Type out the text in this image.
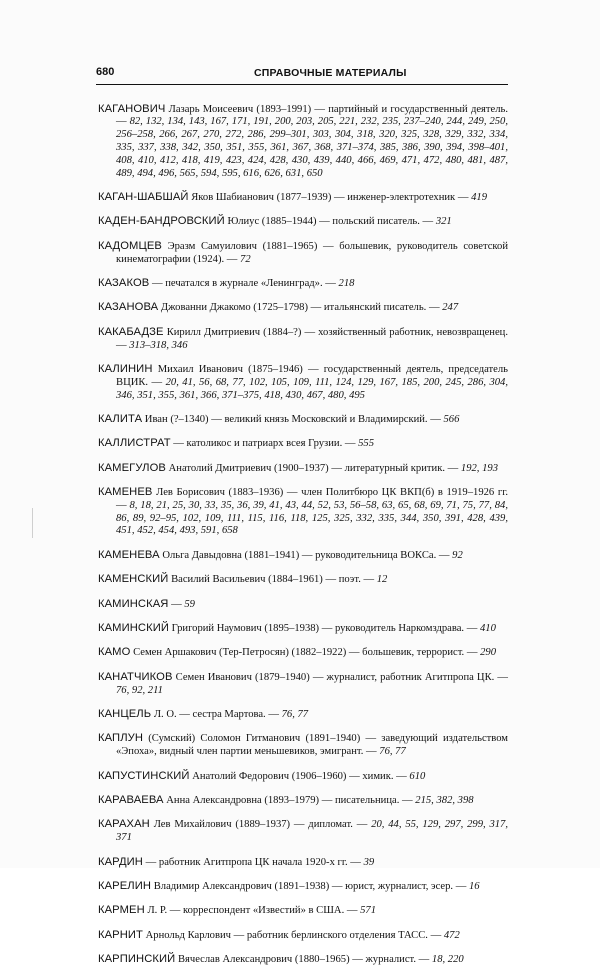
680	СПРАВОЧНЫЕ МАТЕРИАЛЫ

КАГАНОВИЧ Лазарь Моисеевич (1893–1991) — партийный и государственный деятель. — 82, 132, 134, 143, 167, 171, 191, 200, 203, 205, 221, 232, 235, 237–240, 244, 249, 250, 256–258, 266, 267, 270, 272, 286, 299–301, 303, 304, 318, 320, 325, 328, 329, 332, 334, 335, 337, 338, 342, 350, 351, 355, 361, 367, 368, 371–374, 385, 386, 390, 394, 398–401, 408, 410, 412, 418, 419, 423, 424, 428, 430, 439, 440, 466, 469, 471, 472, 480, 481, 487, 489, 494, 496, 565, 594, 595, 616, 626, 631, 650

КАГАН-ШАБШАЙ Яков Шабианович (1877–1939) — инженер-электротехник — 419

КАДЕН-БАНДРОВСКИЙ Юлиус (1885–1944) — польский писатель. — 321

КАДОМЦЕВ Эразм Самуилович (1881–1965) — большевик, руководитель советской кинематографии (1924). — 72

КАЗАКОВ — печатался в журнале «Ленинград». — 218

КАЗАНОВА Джованни Джакомо (1725–1798) — итальянский писатель. — 247

КАКАБАДЗЕ Кирилл Дмитриевич (1884–?) — хозяйственный работник, невозвращенец. — 313–318, 346

КАЛИНИН Михаил Иванович (1875–1946) — государственный деятель, председатель ВЦИК. — 20, 41, 56, 68, 77, 102, 105, 109, 111, 124, 129, 167, 185, 200, 245, 286, 304, 346, 351, 355, 361, 366, 371–375, 418, 430, 467, 480, 495

КАЛИТА Иван (?–1340) — великий князь Московский и Владимирский. — 566

КАЛЛИСТРАТ — католикос и патриарх всея Грузии. — 555

КАМЕГУЛОВ Анатолий Дмитриевич (1900–1937) — литературный критик. — 192, 193

КАМЕНЕВ Лев Борисович (1883–1936) — член Политбюро ЦК ВКП(б) в 1919–1926 гг. — 8, 18, 21, 25, 30, 33, 35, 36, 39, 41, 43, 44, 52, 53, 56–58, 63, 65, 68, 69, 71, 75, 77, 84, 86, 89, 92–95, 102, 109, 111, 115, 116, 118, 125, 325, 332, 335, 344, 350, 391, 428, 439, 451, 452, 454, 493, 591, 658

КАМЕНЕВА Ольга Давыдовна (1881–1941) — руководительница ВОКСа. — 92

КАМЕНСКИЙ Василий Васильевич (1884–1961) — поэт. — 12

КАМИНСКАЯ — 59

КАМИНСКИЙ Григорий Наумович (1895–1938) — руководитель Наркомздрава. — 410

КАМО Семен Аршакович (Тер-Петросян) (1882–1922) — большевик, террорист. — 290

КАНАТЧИКОВ Семен Иванович (1879–1940) — журналист, работник Агитпропа ЦК. — 76, 92, 211

КАНЦЕЛЬ Л. О. — сестра Мартова. — 76, 77

КАПЛУН (Сумский) Соломон Гитманович (1891–1940) — заведующий издательством «Эпоха», видный член партии меньшевиков, эмигрант. — 76, 77

КАПУСТИНСКИЙ Анатолий Федорович (1906–1960) — химик. — 610

КАРАВАЕВА Анна Александровна (1893–1979) — писательница. — 215, 382, 398

КАРАХАН Лев Михайлович (1889–1937) — дипломат. — 20, 44, 55, 129, 297, 299, 317, 371

КАРДИН — работник Агитпропа ЦК начала 1920-х гг. — 39

КАРЕЛИН Владимир Александрович (1891–1938) — юрист, журналист, эсер. — 16

КАРМЕН Л. Р. — корреспондент «Известий» в США. — 571

КАРНИТ Арнольд Карлович — работник берлинского отделения ТАСС. — 472

КАРПИНСКИЙ Вячеслав Александрович (1880–1965) — журналист. — 18, 220
